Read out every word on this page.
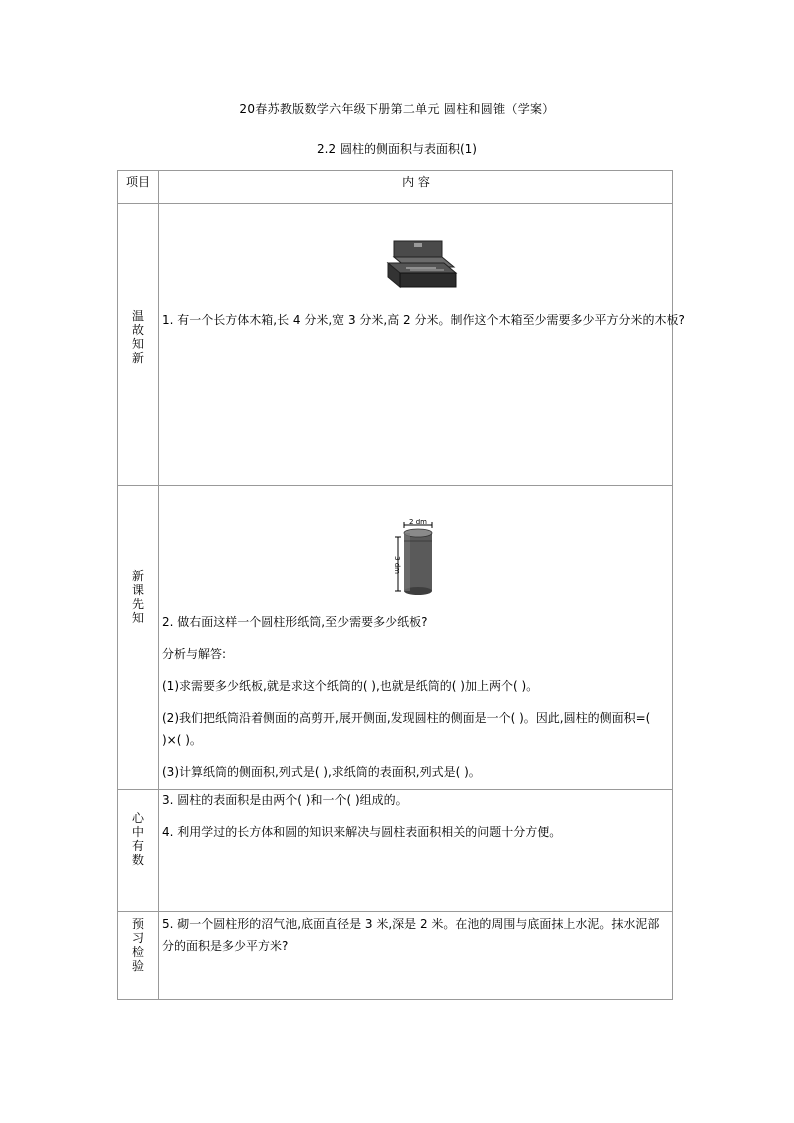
20春苏教版数学六年级下册第二单元 圆柱和圆锥（学案）
2.2 圆柱的侧面积与表面积(1)
项目	内 容
温
故
知
新
1. 有一个长方体木箱,长 4 分米,宽 3 分米,高 2 分米。制作这个木箱至少需要多少平方分米的木板?
新
课
先
知
2 dm
3 dm
2. 做右面这样一个圆柱形纸筒,至少需要多少纸板?
分析与解答:
(1)求需要多少纸板,就是求这个纸筒的( ),也就是纸筒的( )加上两个( )。
(2)我们把纸筒沿着侧面的高剪开,展开侧面,发现圆柱的侧面是一个( )。因此,圆柱的侧面积=( )×( )。
(3)计算纸筒的侧面积,列式是( ),求纸筒的表面积,列式是( )。
心
中
有
数
3. 圆柱的表面积是由两个( )和一个( )组成的。
4. 利用学过的长方体和圆的知识来解决与圆柱表面积相关的问题十分方便。
预
习
检
验
5. 砌一个圆柱形的沼气池,底面直径是 3 米,深是 2 米。在池的周围与底面抹上水泥。抹水泥部分的面积是多少平方米?
